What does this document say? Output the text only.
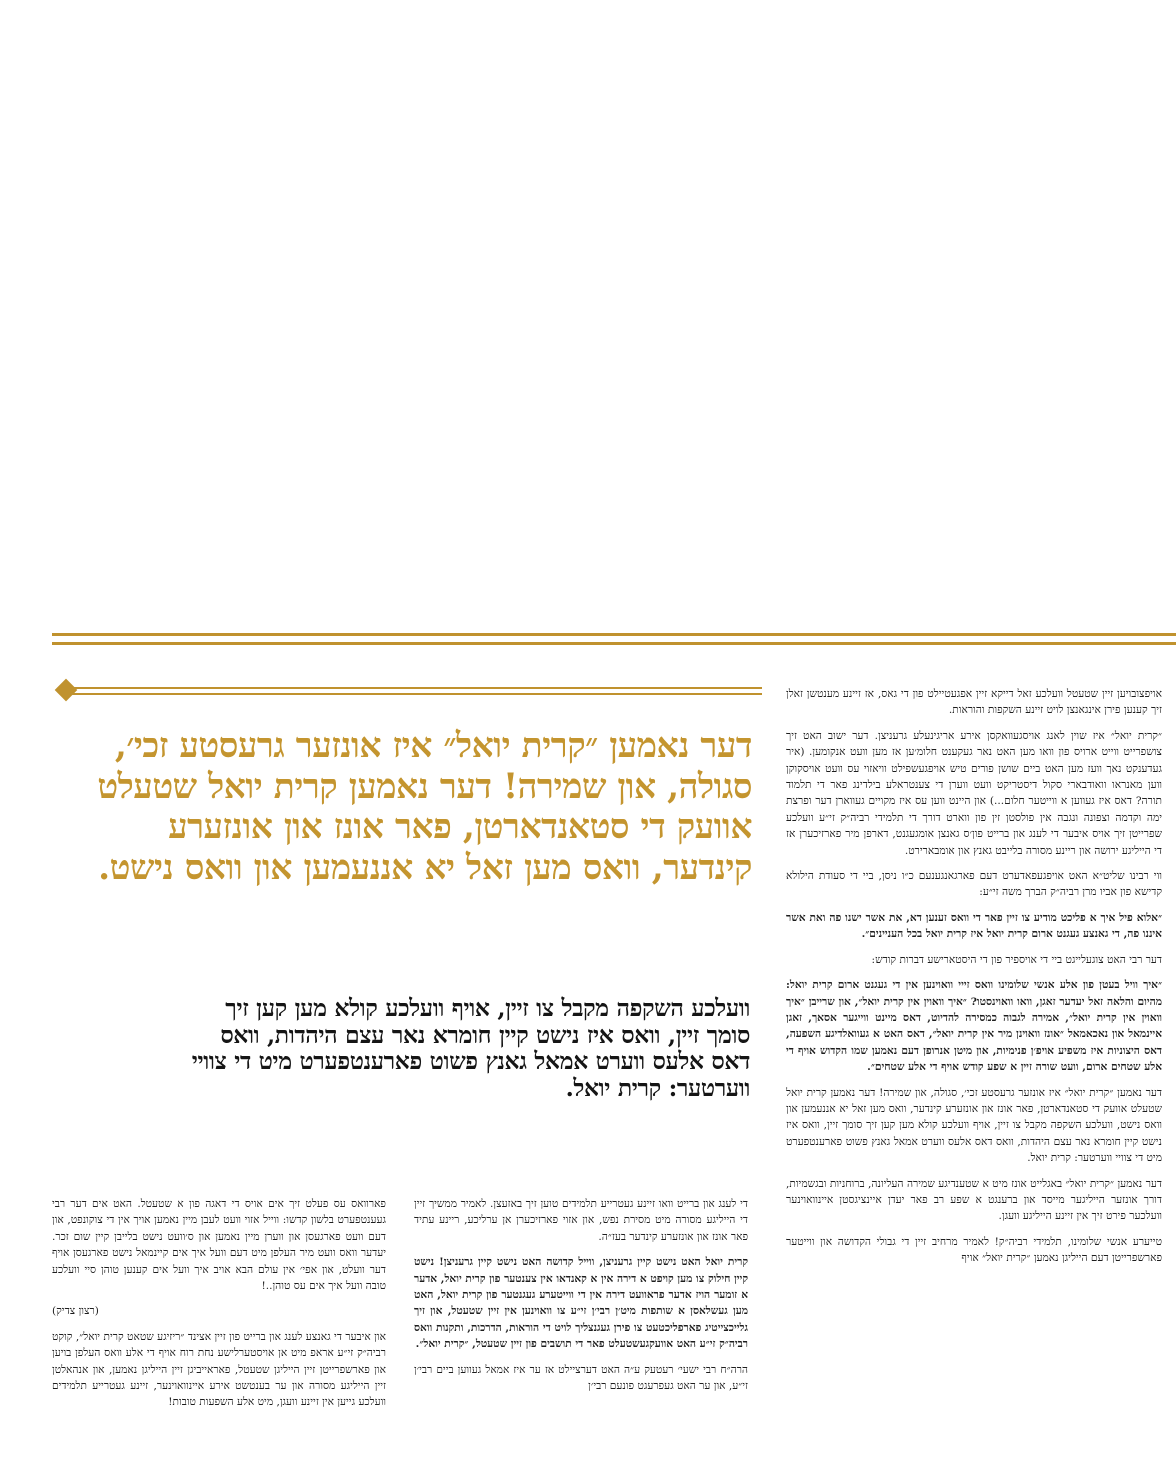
דער נאמען ״קרית יואל״ איז אונזער גרעסטע זכי׳, סגולה, און שמירה! דער נאמען קרית יואל שטעלט אוועק די סטאנדארטן, פאר אונז און אונזערע קינדער, וואס מען זאל יא אננעמען און וואס נישט.
וועלכע השקפה מקבל צו זיין, אויף וועלכע קולא מען קען זיך סומך זיין, וואס איז נישט קיין חומרא נאר עצם היהדות, וואס דאס אלעס ווערט אמאל גאנץ פשוט פארענטפערט מיט די צוויי ווערטער: קרית יואל.

אויפצובויען זיין שטעטל וועלכע זאל דייקא זיין אפגעטיילט פון די גאס, אז זיינע מענטשן זאלן זיך קענען פירן אינגאנצן לויט זיינע השקפות והוראות.

״קרית יואל״ איז שוין לאנג אויסגעוואקסן אירע אריגינעלע גרעניצן. דער ישוב האט זיך צושפרייט ווייט ארויס פון וואו מען האט נאר געקענט חלומ׳ען אז מען וועט אנקומען. (איר געדענקט נאך וועז מען האט ביים שושן פורים טיש אויפגעשפילט וויאזוי עס וועט אויסקוקן ווען מאנראו וואודבארי סקול דיסטריקט וועט ווערן די צענטראלע בילדינג פאר די תלמוד תורה? דאס איז געווען א ווייטער חלום...) און היינט ווען עס איז מקויים געווארן דער ופרצת ימה וקדמה וצפונה ונגבה אין פולסטן זין פון ווארט דורך די תלמידי רביה״ק זי״ע וועלכע שפרייטן זיך אויס איבער די לענג און ברייט פון׳ס גאנצן אומגעגנט, דארפן מיר פארזיכערן אז די הייליגע ירושה און ריינע מסורה בלייבט גאנץ און אומבארירט.

ווי רבינו שליט״א האט אויפגעפאדערט דעם פארגאנגענעם כ״ו ניסן, ביי די סעודת הילולא קדישא פון אביו מרן רביה״ק הברך משה זי״ע:

״אלוא פיל איך א פליכט מודיע צו זיין פאר די וואס זענען דא, את אשר ישנו פה ואת אשר איננו פה, די גאנצע געגנט ארום קרית יואל איז קרית יואל בכל העניינים״.

דער רבי האט צוגעלייגט ביי די אויספיר פון די היסטארישע דברות קודש:

״איך וויל בעטן פון אלע אנשי שלומינו וואס זייי וואוינען אין די געגנט ארום קרית יואל: מהיום והלאה זאל יעדער זאגן, וואו וואוינסטו? ״איך וואוין אין קרית יואל״, און שרייבן ״איך וואוין אין קרית יואל״, אמירה לגבוה כמסירה להדיוט, דאס מיינט ווייגער אסאך, זאגן איינמאל און נאכאמאל ״אונז וואוינן מיר אין קרית יואל״, דאס האט א געוואלדיגע השפעה, דאס היצוניות איז משפיע אויפ׳ן פנימיות, און מיטן אנרופן דעם נאמען שמו הקדוש אויף די אלע שטחים ארום, וועט שורה זיין א שפע קודש אויף די אלע שטחים״.

דער נאמען ״קרית יואל״ איז אונזער גרעסטע זכי׳, סגולה, און שמירה! דער נאמען קרית יואל שטעלט אוועק די סטאנדארטן, פאר אונז און אונזערע קינדער, וואס מען זאל יא אננעמען און וואס נישט, וועלכע השקפה מקבל צו זיין, אויף וועלכע קולא מען קען זיך סומך זיין, וואס איז נישט קיין חומרא נאר עצם היהדות, וואס דאס אלעס ווערט אמאל גאנץ פשוט פארענטפערט מיט די צוויי ווערטער: קרית יואל.

דער נאמען ״קרית יואל״ באגלייט אונז מיט א שטענדיגע שמירה העליונה, ברוחניות ובגשמיות, דורך אונזער הייליגער מייסד און ברענגט א שפע רב פאר יעדן איינציגסטן איינוואוינער וועלכער פירט זיך אין זיינע הייליגע וועגן.

טייערע אנשי שלומינו, תלמידי רביה״ק! לאמיר מרחיב זיין די גבולי הקדושה און ווייטער פארשפרייטן דעם הייליגן נאמען ״קרית יואל״ אויף

די לענג און ברייט וואו זיינע געטרייע תלמידים טוען זיך באזעצן. לאמיר ממשיך זיין די הייליגע מסורה מיט מסירת נפש, און אזוי פארזיכערן אן ערליכע, ריינע עתיד פאר אונז און אונזערע קינדער בעז״ה.

קרית יואל האט נישט קיין גרעניצן, ווייל קדושה האט נישט קיין גרעניצן! נישט קיין חילוק צו מען קויפט א דירה אין א קאנדאו אין צענטער פון קרית יואל, אדער א זומער הויז אדער פראוועט דירה אין די ווייטערע געגנטער פון קרית יואל, האט מען געשלאסן א שותפות מיט׳ן רבי׳ן זי״ע צו וואוינען אין זיין שטעטל, און זיך גלייכצייטיג פארפליכטעט צו פירן געגנצליך לויט די הוראות, הדרכות, ותקנות וואס רביה״ק זי״ע האט אוועקגעשטעלט פאר די תושבים פון זיין שטעטל, ״קרית יואל״.

הרה״ח רבי ישעי׳ רעטעק ע״ה האט דערציילט אז ער איז אמאל געווען ביים רבי׳ן זי״ע, און ער האט געפרעגט פונעם רבי׳ן

פארוואס עס פעלט זיך אים אויס די דאגה פון א שטעטל. האט אים דער רבי געענטפערט בלשון קדשו: ווייל אזוי וועט לעבן מיין נאמען אויך אין די צוקונפט, און דעם וועט פארגעסן און ווערן מיין נאמען און ס׳וועט נישט בלייבן קיין שום זכר. יעדער וואס וועט מיר העלפן מיט דעם וועל איך אים קיינמאל נישט פארגעסן אויף דער וועלט, און אפי׳ אין עולם הבא אויב איך וועל אים קענען טוהן סיי וועלכע טובה וועל איך אים עס טוהן..!

(רצון צדיק)

און איבער די גאנצע לענג און ברייט פון זיין אצינד ״ריזיגע שטאט קרית יואל״, קוקט רביה״ק זי״ע אראפ מיט אן אויסטערלישע נחת רוח אויף די אלע וואס העלפן בויען און פארשפרייטן זיין הייליגן שטעטל, פאראייביגן זיין הייליגן נאמען, און אנהאלטן זיין הייליגע מסורה און ער בענטשט אירע איינוואוינער, זיינע געטרייע תלמידים וועלכע גייען אין זיינע וועגן, מיט אלע השפעות טובות!
